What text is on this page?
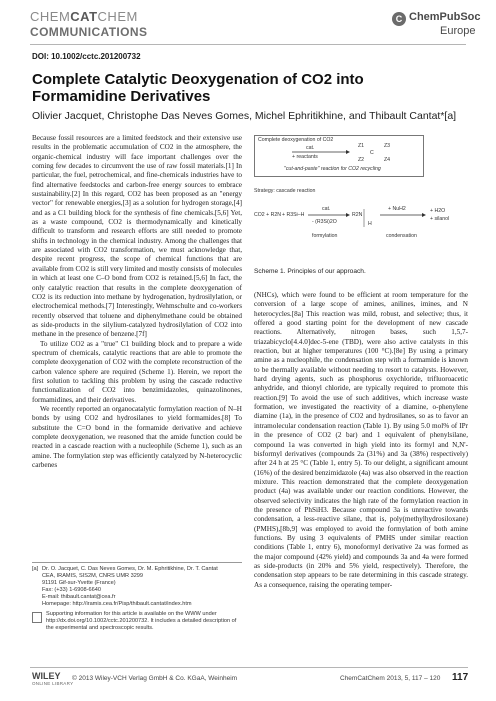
CHEMCATCHEM
COMMUNICATIONS
C ChemPubSoc
Europe
DOI: 10.1002/cctc.201200732
Complete Catalytic Deoxygenation of CO2 into Formamidine Derivatives
Olivier Jacquet, Christophe Das Neves Gomes, Michel Ephritikhine, and Thibault Cantat*[a]

Because fossil resources are a limited feedstock and their extensive use results in the problematic accumulation of CO2 in the atmosphere, the organic-chemical industry will face important challenges over the coming few decades to circumvent the use of raw fossil materials.[1] In particular, the fuel, petrochemical, and fine-chemicals industries have to find alternative feedstocks and carbon-free energy sources to embrace sustainability.[2] In this regard, CO2 has been proposed as an "energy vector" for renewable energies,[3] as a solution for hydrogen storage,[4] and as a C1 building block for the synthesis of fine chemicals.[5,6] Yet, as a waste compound, CO2 is thermodynamically and kinetically difficult to transform and research efforts are still needed to promote shifts in technology in the chemical industry. Among the challenges that are associated with CO2 transformation, we must acknowledge that, despite recent progress, the scope of chemical functions that are available from CO2 is still very limited and mostly consists of molecules in which at least one C–O bond from CO2 is retained.[5,6] In fact, the only catalytic reaction that results in the complete deoxygenation of CO2 is its reduction into methane by hydrogenation, hydrosilylation, or electrochemical methods.[7] Interestingly, Wehmschulte and co-workers recently observed that toluene and diphenylmethane could be obtained as side-products in the silylium-catalyzed hydrosilylation of CO2 into methane in the presence of benzene.[7f]

To utilize CO2 as a "true" C1 building block and to prepare a wide spectrum of chemicals, catalytic reactions that are able to promote the complete deoxygenation of CO2 with the complete reconstruction of the carbon valence sphere are required (Scheme 1). Herein, we report the first solution to tackling this problem by using the cascade reductive functionalization of CO2 into benzimidazoles, quinazolinones, formamidines, and their derivatives.

We recently reported an organocatalytic formylation reaction of N–H bonds by using CO2 and hydrosilanes to yield formamides.[8] To substitute the C=O bond in the formamide derivative and achieve complete deoxygenation, we reasoned that the amide function could be reacted in a cascade reaction with a nucleophile (Scheme 1), such as an amine. The formylation step was efficiently catalyzed by N-heterocyclic carbenes

Complete deoxygenation of CO2
cat.
+ reactants
Z1
C
Z2
Z3
Z4
"cut-and-paste" reaction for CO2 recycling
Strategy: cascade reaction
CO2 + R2N + R3Si–H
cat.
- (R3Si)2O
R2N
H
+ NuH2	+ H2O
+ silanol
formylation	condensation
Scheme 1. Principles of our approach.

(NHCs), which were found to be efficient at room temperature for the conversion of a large scope of amines, anilines, imines, and N heterocycles.[8a] This reaction was mild, robust, and selective; thus, it offered a good starting point for the development of new cascade reactions. Alternatively, nitrogen bases, such 1,5,7-triazabicyclo[4.4.0]dec-5-ene (TBD), were also active catalysts in this reaction, but at higher temperatures (100 °C).[8e] By using a primary amine as a nucleophile, the condensation step with a formamide is known to be thermally available without needing to resort to catalysts. However, hard drying agents, such as phosphorus oxychloride, trifluoroacetic anhydride, and thionyl chloride, are typically required to promote this reaction.[9] To avoid the use of such additives, which increase waste formation, we investigated the reactivity of a diamine, o-phenylene diamine (1a), in the presence of CO2 and hydrosilanes, so as to favor an intramolecular condensation reaction (Table 1). By using 5.0 mol% of IPr in the presence of CO2 (2 bar) and 1 equivalent of phenylsilane, compound 1a was converted in high yield into its formyl and N,N'-bisformyl derivatives (compounds 2a (31%) and 3a (38%) respectively) after 24 h at 25 °C (Table 1, entry 5). To our delight, a significant amount (16%) of the desired benzimidazole (4a) was also observed in the reaction mixture. This reaction demonstrated that the complete deoxygenation product (4a) was available under our reaction conditions. However, the observed selectivity indicates the high rate of the formylation reaction in the presence of PhSiH3. Because compound 3a is unreactive towards condensation, a less-reactive silane, that is, poly(methylhydrosiloxane) (PMHS),[8b,9] was employed to avoid the formylation of both amine functions. By using 3 equivalents of PMHS under similar reaction conditions (Table 1, entry 6), monoformyl derivative 2a was formed as the major compound (42% yield) and compounds 3a and 4a were formed as side-products (in 20% and 5% yield, respectively). Therefore, the condensation step appears to be rate determining in this cascade strategy. As a consequence, raising the operating temper-

[a] Dr. O. Jacquet, C. Das Neves Gomes, Dr. M. Ephritikhine, Dr. T. Cantat
CEA, IRAMIS, SIS2M, CNRS UMR 3299
91191 Gif-sur-Yvette (France)
Fax: (+33) 1-6908-6640
E-mail: thibault.cantat@cea.fr
Homepage: http://iramis.cea.fr/Pisp/thibault.cantat/index.htm
Supporting information for this article is available on the WWW under http://dx.doi.org/10.1002/cctc.201200732. It includes a detailed description of the experimental and spectroscopic results.
WILEY
ONLINE LIBRARY
© 2013 Wiley-VCH Verlag GmbH & Co. KGaA, Weinheim	ChemCatChem 2013, 5, 117 – 120 117
